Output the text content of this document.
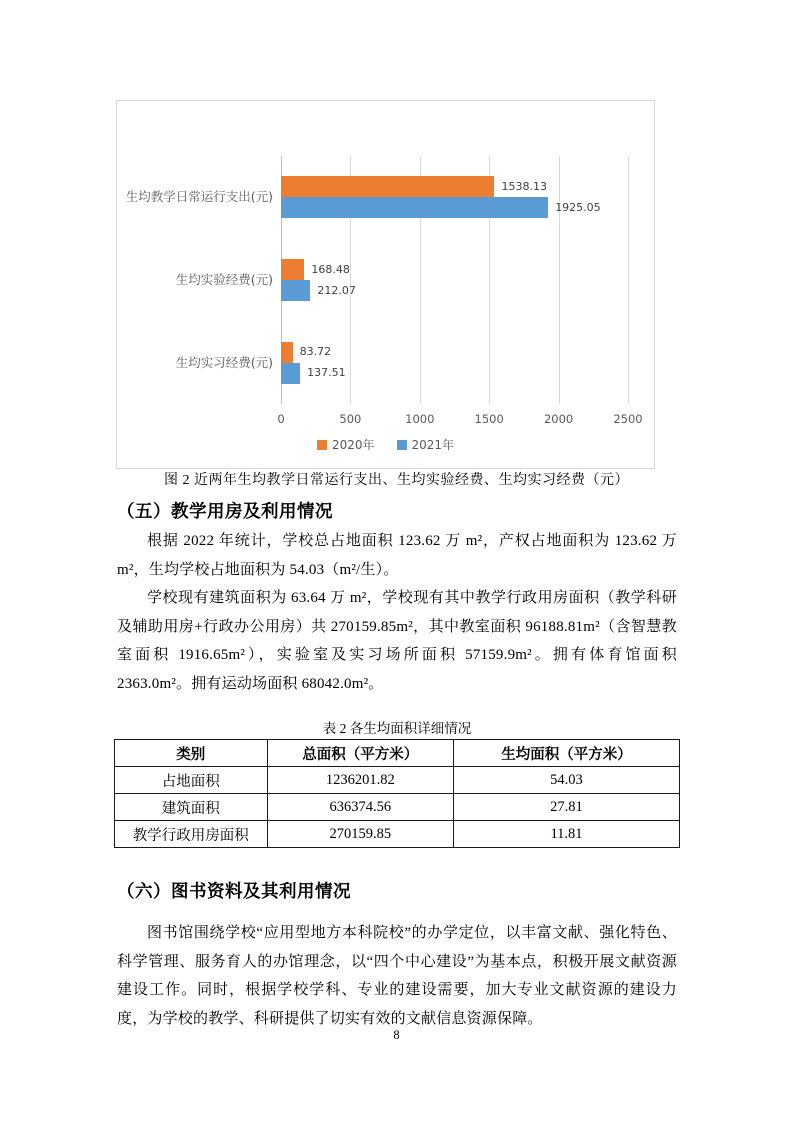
0	500	1000	1500	2000	2500
生均教学日常运行支出(元)
1538.13
1925.05
生均实验经费(元)
168.48
212.07
生均实习经费(元)
83.72
137.51
2020年	2021年
图 2 近两年生均教学日常运行支出、生均实验经费、生均实习经费（元）
（五）教学用房及利用情况

根据 2022 年统计，学校总占地面积 123.62 万 m²，产权占地面积为 123.62 万 m²，生均学校占地面积为 54.03（m²/生）。

学校现有建筑面积为 63.64 万 m²，学校现有其中教学行政用房面积（教学科研及辅助用房+行政办公用房）共 270159.85m²，其中教室面积 96188.81m²（含智慧教室面积 1916.65m²），实验室及实习场所面积 57159.9m²。拥有体育馆面积 2363.0m²。拥有运动场面积 68042.0m²。

表 2 各生均面积详细情况
类别	总面积（平方米）	生均面积（平方米）
占地面积	1236201.82	54.03
建筑面积	636374.56	27.81
教学行政用房面积	270159.85	11.81
（六）图书资料及其利用情况

图书馆围绕学校“应用型地方本科院校”的办学定位，以丰富文献、强化特色、科学管理、服务育人的办馆理念，以“四个中心建设”为基本点，积极开展文献资源建设工作。同时，根据学校学科、专业的建设需要，加大专业文献资源的建设力度，为学校的教学、科研提供了切实有效的文献信息资源保障。

8
